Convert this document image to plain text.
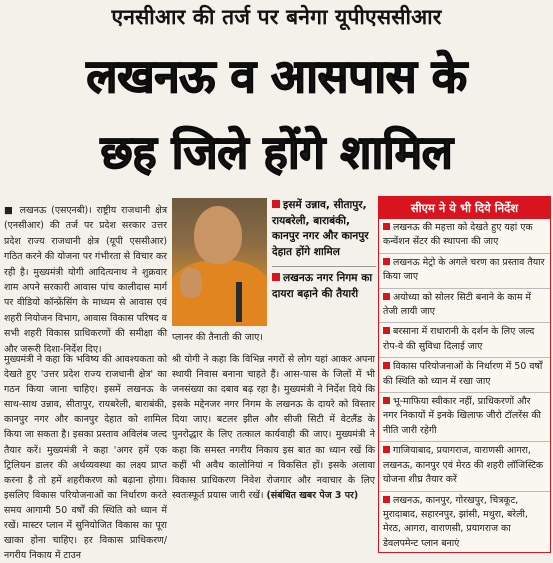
एनसीआर की तर्ज पर बनेगा यूपीएससीआर
लखनऊ व आसपास के
छह जिले होंगे शामिल

■ लखनऊ (एसएनबी)। राष्ट्रीय राजधानी क्षेत्र (एनसीआर) की तर्ज पर प्रदेश सरकार उत्तर प्रदेश राज्य राजधानी क्षेत्र (यूपी एससीआर) गठित करने की योजना पर गंभीरता से विचार कर रही है। मुख्यमंत्री योगी आदित्यनाथ ने शुक्रवार शाम अपने सरकारी आवास पांच कालीदास मार्ग पर वीडियो कॉन्फ्रेंसिंग के माध्यम से आवास एवं शहरी नियोजन विभाग, आवास विकास परिषद व सभी शहरी विकास प्राधिकरणों की समीक्षा की और जरूरी दिशा-निर्देश दिए।

इसमें उन्नाव, सीतापुर, रायबरेली, बाराबंकी, कानपुर नगर और कानपुर देहात होंगे शामिल

लखनऊ नगर निगम का दायरा बढ़ाने की तैयारी

प्लानर की तैनाती की जाए।
सीएम ने ये भी दिये निर्देश
लखनऊ की महत्ता को देखते हुए यहां एक कन्वेंशन सेंटर की स्थापना की जाए
लखनऊ मेट्रो के अगले चरण का प्रस्ताव तैयार किया जाए
अयोध्या को सोलर सिटी बनाने के काम में तेजी लायी जाए
बरसाना में राधारानी के दर्शन के लिए जल्द रोप-वे की सुविधा दिलाई जाए
विकास परियोजनाओं के निर्धारण में 50 वर्षों की स्थिति को ध्यान में रखा जाए
भू-माफिया स्वीकार नहीं, प्राधिकरणों और नगर निकायों में इनके खिलाफ जीरो टॉलरेंस की नीति जारी रहेगी
गाजियाबाद, प्रयागराज, वाराणसी आगरा, लखनऊ, कानपुर एवं मेरठ की शहरी लॉजिस्टिक योजना शीघ्र तैयार करें
लखनऊ, कानपुर, गोरखपुर, चित्रकूट, मुरादाबाद, सहारनपुर, झांसी, मथुरा, बरेली, मेरठ, आगरा, वाराणसी, प्रयागराज का डेवलपमेन्ट प्लान बनाएं

मुख्यमंत्री ने कहा कि भविष्य की आवश्यकता को देखते हुए 'उत्तर प्रदेश राज्य राजधानी क्षेत्र' का गठन किया जाना चाहिए। इसमें लखनऊ के साथ-साथ उन्नाव, सीतापुर, रायबरेली, बाराबंकी, कानपुर नगर और कानपुर देहात को शामिल किया जा सकता है। इसका प्रस्ताव अविलंब जल्द तैयार करें। मुख्यमंत्री ने कहा 'अगर हमें एक ट्रिलियन डालर की अर्थव्यवस्था का लक्ष्य प्राप्त करना है तो हमें शहरीकरण को बढ़ाना होगा। इसलिए विकास परियोजनाओं का निर्धारण करते समय आगामी 50 वर्षों की स्थिति को ध्यान में रखें। मास्टर प्लान में सुनियोजित विकास का पूरा खाका होना चाहिए। हर विकास प्राधिकरण/नगरीय निकाय में टाउन

श्री योगी ने कहा कि विभिन्न नगरों से लोग यहां आकर अपना स्थायी निवास बनाना चाहते हैं। आस-पास के जिलों में भी जनसंख्या का दबाव बढ़ रहा है। मुख्यमंत्री ने निर्देश दिये कि इसके मद्देनजर नगर निगम के लखनऊ के दायरे को विस्तार दिया जाए। बटलर झील और सीजी सिटी में वेटलैंड के पुनरोद्धार के लिए तत्काल कार्यवाही की जाए। मुख्यमंत्री ने कहा कि समस्त नगरीय निकाय इस बात का ध्यान रखें कि कहीं भी अवैध कालोनियां न विकसित हों। इसके अलावा विकास प्राधिकरण निवेश रोजगार और नवाचार के लिए स्वतःस्फूर्त प्रयास जारी रखें। (संबंधित खबर पेज 3 पर)
